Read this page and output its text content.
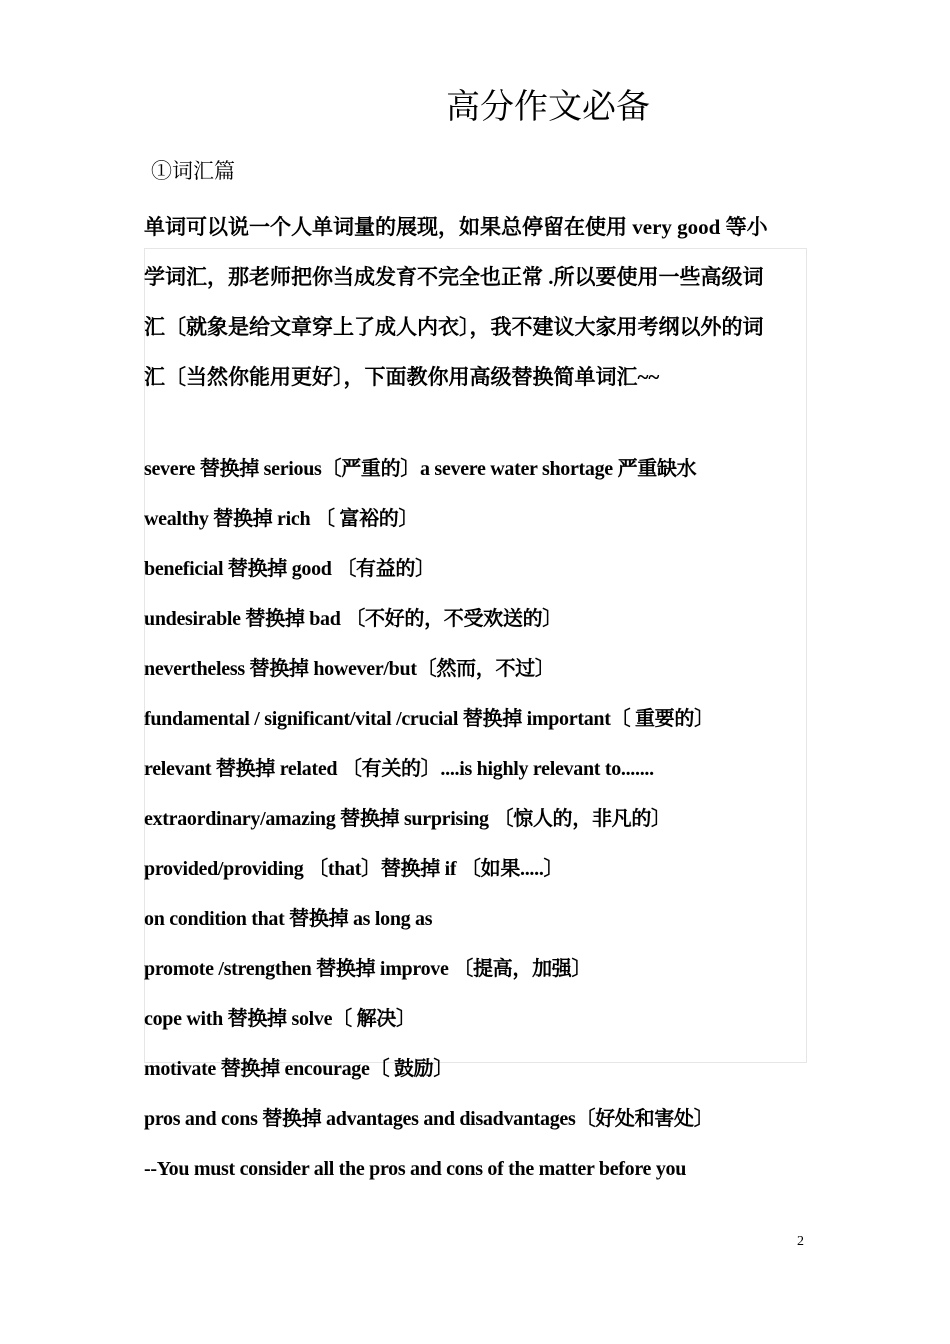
高分作文必备
①词汇篇

单词可以说一个人单词量的展现，如果总停留在使用 very good 等小

学词汇，那老师把你当成发育不完全也正常 .所以要使用一些高级词

汇〔就象是给文章穿上了成人内衣〕，我不建议大家用考纲以外的词

汇〔当然你能用更好〕，下面教你用高级替换简单词汇~~

severe 替换掉 serious〔严重的〕a severe water shortage 严重缺水
wealthy 替换掉 rich 〔 富裕的〕
beneficial 替换掉 good 〔有益的〕
undesirable 替换掉 bad 〔不好的，不受欢送的〕
nevertheless 替换掉 however/but〔然而，不过〕
fundamental / significant/vital /crucial 替换掉 important〔 重要的〕
relevant 替换掉 related 〔有关的〕....is highly relevant to.......
extraordinary/amazing 替换掉 surprising 〔惊人的，非凡的〕
provided/providing 〔that〕替换掉 if 〔如果.....〕
on condition that 替换掉 as long as
promote /strengthen 替换掉 improve 〔提高，加强〕
cope with 替换掉 solve〔 解决〕
motivate 替换掉 encourage〔 鼓励〕
pros and cons 替换掉 advantages and disadvantages〔好处和害处〕
--You must consider all the pros and cons of the matter before you
2
